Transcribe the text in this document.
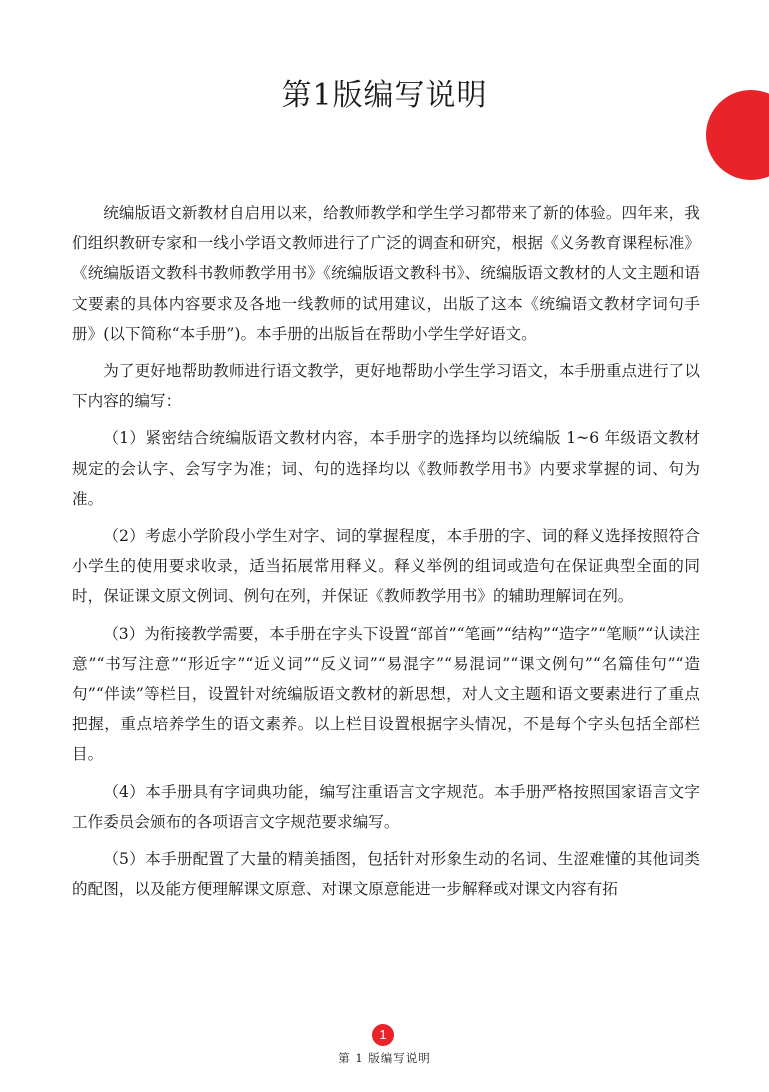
第1版编写说明

统编版语文新教材自启用以来，给教师教学和学生学习都带来了新的体验。四年来，我们组织教研专家和一线小学语文教师进行了广泛的调查和研究，根据《义务教育课程标准》《统编版语文教科书教师教学用书》《统编版语文教科书》、统编版语文教材的人文主题和语文要素的具体内容要求及各地一线教师的试用建议，出版了这本《统编语文教材字词句手册》(以下简称“本手册”)。本手册的出版旨在帮助小学生学好语文。

为了更好地帮助教师进行语文教学，更好地帮助小学生学习语文，本手册重点进行了以下内容的编写：

（1）紧密结合统编版语文教材内容，本手册字的选择均以统编版 1~6 年级语文教材规定的会认字、会写字为准；词、句的选择均以《教师教学用书》内要求掌握的词、句为准。

（2）考虑小学阶段小学生对字、词的掌握程度，本手册的字、词的释义选择按照符合小学生的使用要求收录，适当拓展常用释义。释义举例的组词或造句在保证典型全面的同时，保证课文原文例词、例句在列，并保证《教师教学用书》的辅助理解词在列。

（3）为衔接教学需要，本手册在字头下设置“部首”“笔画”“结构”“造字”“笔顺”“认读注意”“书写注意”“形近字”“近义词”“反义词”“易混字”“易混词”“课文例句”“名篇佳句”“造句”“伴读”等栏目，设置针对统编版语文教材的新思想，对人文主题和语文要素进行了重点把握，重点培养学生的语文素养。以上栏目设置根据字头情况，不是每个字头包括全部栏目。

（4）本手册具有字词典功能，编写注重语言文字规范。本手册严格按照国家语言文字工作委员会颁布的各项语言文字规范要求编写。

（5）本手册配置了大量的精美插图，包括针对形象生动的名词、生涩难懂的其他词类的配图，以及能方便理解课文原意、对课文原意能进一步解释或对课文内容有拓

1
第 1 版编写说明
